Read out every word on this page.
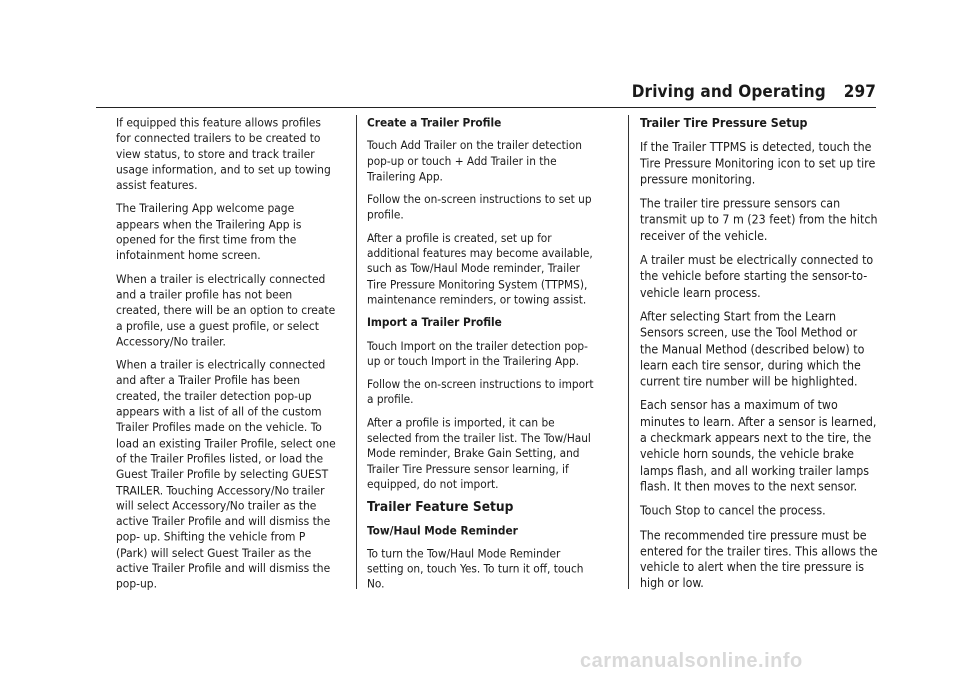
Driving and Operating 297

If equipped this feature allows profiles for connected trailers to be created to view status, to store and track trailer usage information, and to set up towing assist features.

The Trailering App welcome page appears when the Trailering App is opened for the first time from the infotainment home screen.

When a trailer is electrically connected and a trailer profile has not been created, there will be an option to create a profile, use a guest profile, or select Accessory/No trailer.

When a trailer is electrically connected and after a Trailer Profile has been created, the trailer detection pop-up appears with a list of all of the custom Trailer Profiles made on the vehicle. To load an existing Trailer Profile, select one of the Trailer Profiles listed, or load the Guest Trailer Profile by selecting GUEST TRAILER. Touching Accessory/No trailer will select Accessory/No trailer as the active Trailer Profile and will dismiss the pop- up. Shifting the vehicle from P (Park) will select Guest Trailer as the active Trailer Profile and will dismiss the pop-up.

Create a Trailer Profile

Touch Add Trailer on the trailer detection pop-up or touch + Add Trailer in the Trailering App.

Follow the on-screen instructions to set up profile.

After a profile is created, set up for additional features may become available, such as Tow/Haul Mode reminder, Trailer Tire Pressure Monitoring System (TTPMS), maintenance reminders, or towing assist.

Import a Trailer Profile

Touch Import on the trailer detection pop-up or touch Import in the Trailering App.

Follow the on-screen instructions to import a profile.

After a profile is imported, it can be selected from the trailer list. The Tow/Haul Mode reminder, Brake Gain Setting, and Trailer Tire Pressure sensor learning, if equipped, do not import.

Trailer Feature Setup

Tow/Haul Mode Reminder

To turn the Tow/Haul Mode Reminder setting on, touch Yes. To turn it off, touch No.

Trailer Tire Pressure Setup

If the Trailer TTPMS is detected, touch the Tire Pressure Monitoring icon to set up tire pressure monitoring.

The trailer tire pressure sensors can transmit up to 7 m (23 feet) from the hitch receiver of the vehicle.

A trailer must be electrically connected to the vehicle before starting the sensor-to-vehicle learn process.

After selecting Start from the Learn Sensors screen, use the Tool Method or the Manual Method (described below) to learn each tire sensor, during which the current tire number will be highlighted.

Each sensor has a maximum of two minutes to learn. After a sensor is learned, a checkmark appears next to the tire, the vehicle horn sounds, the vehicle brake lamps flash, and all working trailer lamps flash. It then moves to the next sensor.

Touch Stop to cancel the process.

The recommended tire pressure must be entered for the trailer tires. This allows the vehicle to alert when the tire pressure is high or low.

carmanualsonline.info
